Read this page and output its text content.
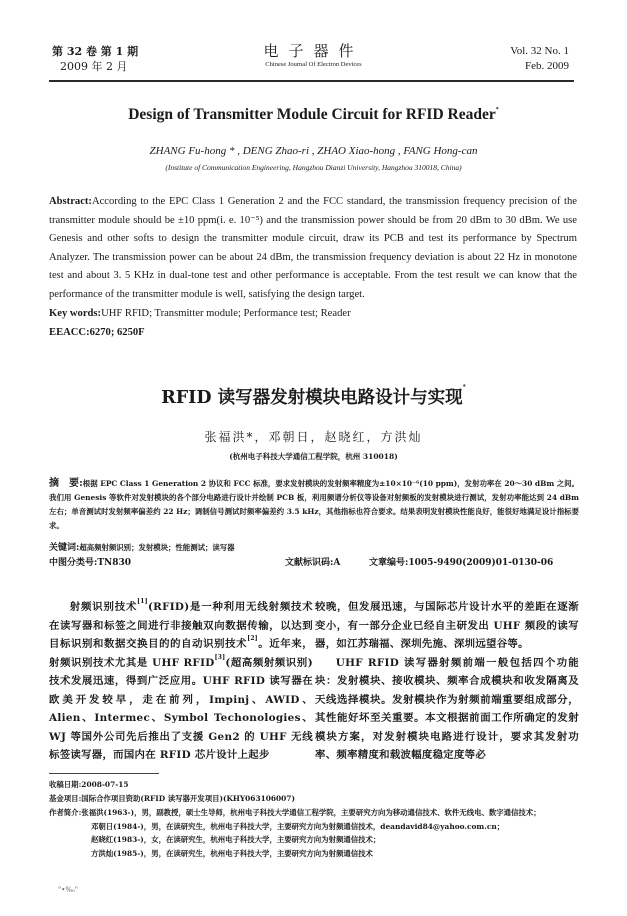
第 32 卷 第 1 期
2009 年 2 月
电子器件
Chinese Journal Of Electron Devices
Vol. 32 No. 1
Feb. 2009
Design of Transmitter Module Circuit for RFID Reader*
ZHANG Fu-hong * , DENG Zhao-ri , ZHAO Xiao-hong , FANG Hong-can
(Institute of Communication Engineering, Hangzhou Dianzi University, Hangzhou 310018, China)
Abstract:According to the EPC Class 1 Generation 2 and the FCC standard, the transmission frequency precision of the transmitter module should be ±10 ppm(i. e. 10⁻⁵) and the transmission power should be from 20 dBm to 30 dBm. We use Genesis and other softs to design the transmitter module circuit, draw its PCB and test its performance by Spectrum Analyzer. The transmission power can be about 24 dBm, the transmission frequency deviation is about 22 Hz in monotone test and about 3. 5 KHz in dual-tone test and other performance is acceptable. From the test result we can know that the performance of the transmitter module is well, satisfying the design target.
Key words:UHF RFID; Transmitter module; Performance test; Reader
EEACC:6270; 6250F
RFID 读写器发射模块电路设计与实现*
张福洪*，邓朝日，赵晓红，方洪灿
(杭州电子科技大学通信工程学院，杭州 310018)
摘　要:根据 EPC Class 1 Generation 2 协议和 FCC 标准，要求发射模块的发射频率精度为±10×10⁻⁶(10 ppm)，发射功率在 20～30 dBm 之间。我们用 Genesis 等软件对发射模块的各个部分电路进行设计并绘制 PCB 板，利用频谱分析仪等设备对射频板的发射模块进行测试，发射功率能达到 24 dBm 左右；单音测试时发射频率偏差约 22 Hz；调制信号测试时频率偏差约 3.5 kHz，其他指标也符合要求。结果表明发射模块性能良好，能很好地满足设计指标要求。
关键词:超高频射频识别；发射模块；性能测试；读写器
中图分类号:TN830	文献标识码:A	文章编号:1005-9490(2009)01-0130-06

射频识别技术[1](RFID)是一种利用无线射频技术在读写器和标签之间进行非接触双向数据传输，以达到目标识别和数据交换目的的自动识别技术[2]。近年来，射频识别技术尤其是 UHF RFID[3](超高频射频识别)技术发展迅速，得到广泛应用。UHF RFID 读写器在欧美开发较早，走在前列，Impinj、AWID、Alien、Intermec、Symbol Techonologies、WJ 等国外公司先后推出了支援 Gen2 的 UHF 无线标签读写器，而国内在 RFID 芯片设计上起步

较晚，但发展迅速，与国际芯片设计水平的差距在逐渐变小，有一部分企业已经自主研发出 UHF 频段的读写器，如江苏瑞福、深圳先施、深圳远望谷等。

UHF RFID 读写器射频前端一般包括四个功能块：发射模块、接收模块、频率合成模块和收发隔离及天线选择模块。发射模块作为射频前端重要组成部分，其性能好坏至关重要。本文根据前面工作所确定的发射模块方案，对发射模块电路进行设计，要求其发射功率、频率精度和载波幅度稳定度等必

收稿日期:2008-07-15
基金项目:国际合作项目资助(RFID 读写器开发项目)(KHY063106007)
作者简介:张福洪(1963-)，男，副教授，硕士生导师，杭州电子科技大学通信工程学院，主要研究方向为移动通信技术、软件无线电、数字通信技术；
邓朝日(1984-)，男，在读研究生，杭州电子科技大学，主要研究方向为射频通信技术，deandavid84@yahoo.com.cn；
赵晓红(1983-)，女，在读研究生，杭州电子科技大学，主要研究方向为射频通信技术；
方洪灿(1985-)，男，在读研究生，杭州电子科技大学，主要研究方向为射频通信技术
"•%₀"
